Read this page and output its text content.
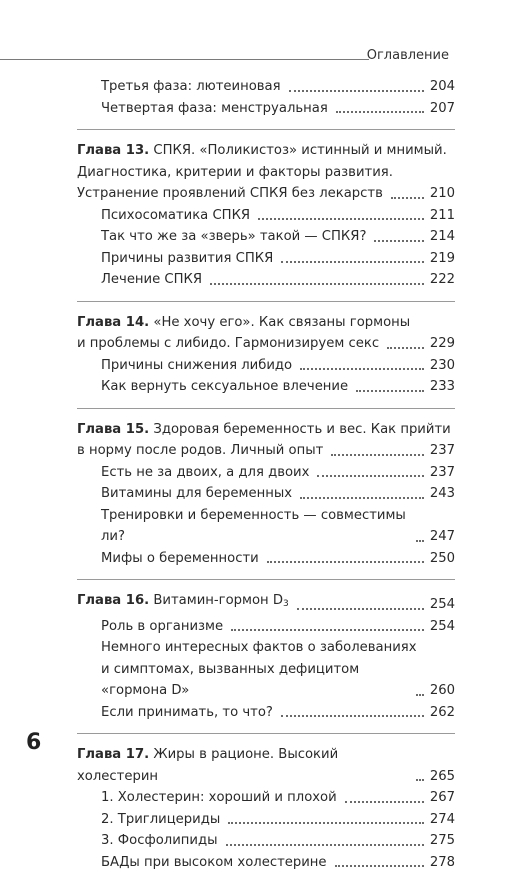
Оглавление
Третья фаза: лютеиновая	204
Четвертая фаза: менструальная	207
Глава 13. СПКЯ. «Поликистоз» истинный и мнимый.
Диагностика, критерии и факторы развития.
Устранение проявлений СПКЯ без лекарств	210
Психосоматика СПКЯ	211
Так что же за «зверь» такой — СПКЯ?	214
Причины развития СПКЯ	219
Лечение СПКЯ	222
Глава 14. «Не хочу его». Как связаны гормоны
и проблемы с либидо. Гармонизируем секс	229
Причины снижения либидо	230
Как вернуть сексуальное влечение	233
Глава 15. Здоровая беременность и вес. Как прийти
в норму после родов. Личный опыт	237
Есть не за двоих, а для двоих	237
Витамины для беременных	243
Тренировки и беременность — совместимы ли?	247
Мифы о беременности	250
Глава 16. Витамин-гормон $D_3$	254
Роль в организме	254
Немного интересных фактов о заболеваниях
и симптомах, вызванных дефицитом «гормона D»	260
Если принимать, то что?	262
Глава 17. Жиры в рационе. Высокий холестерин	265
1. Холестерин: хороший и плохой	267
2. Триглицериды	274
3. Фосфолипиды	275
БАДы при высоком холестерине	278
6
